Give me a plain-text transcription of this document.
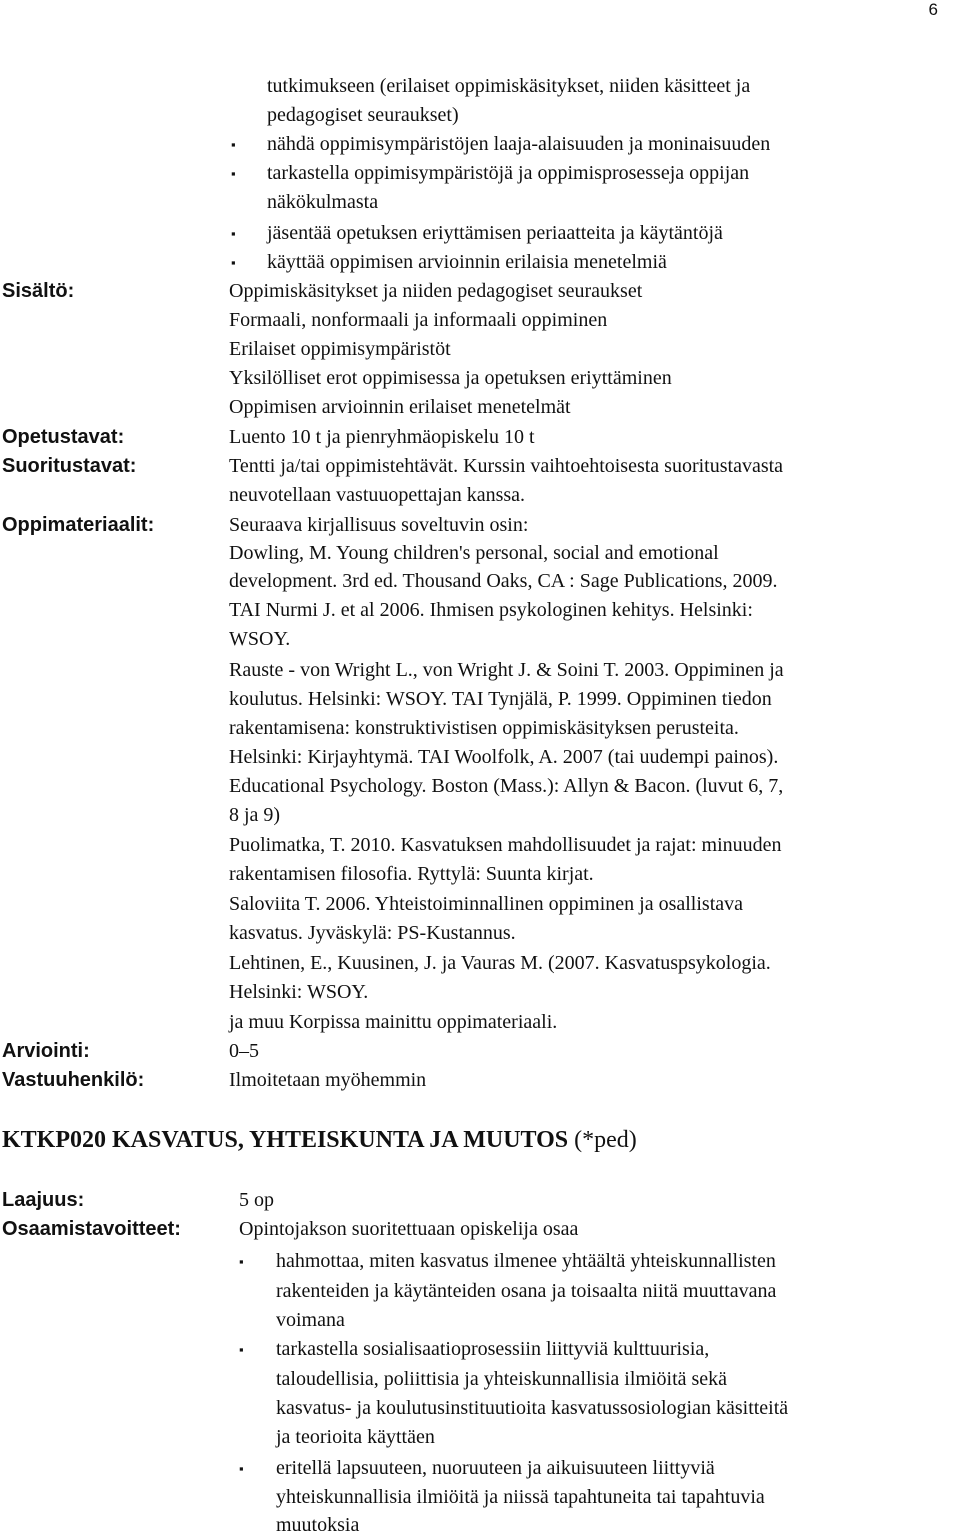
6
tutkimukseen (erilaiset oppimiskäsitykset, niiden käsitteet ja
pedagogiset seuraukset)
▪ nähdä oppimisympäristöjen laaja-alaisuuden ja moninaisuuden
▪ tarkastella oppimisympäristöjä ja oppimisprosesseja oppijan
näkökulmasta
▪ jäsentää opetuksen eriyttämisen periaatteita ja käytäntöjä
▪ käyttää oppimisen arvioinnin erilaisia menetelmiä
Sisältö:	Oppimiskäsitykset ja niiden pedagogiset seuraukset
Formaali, nonformaali ja informaali oppiminen
Erilaiset oppimisympäristöt
Yksilölliset erot oppimisessa ja opetuksen eriyttäminen
Oppimisen arvioinnin erilaiset menetelmät
Opetustavat:	Luento 10 t ja pienryhmäopiskelu 10 t
Suoritustavat:	Tentti ja/tai oppimistehtävät. Kurssin vaihtoehtoisesta suoritustavasta
neuvotellaan vastuuopettajan kanssa.
Oppimateriaalit:	Seuraava kirjallisuus soveltuvin osin:
Dowling, M. Young children's personal, social and emotional
development. 3rd ed. Thousand Oaks, CA : Sage Publications, 2009.
TAI Nurmi J. et al 2006. Ihmisen psykologinen kehitys. Helsinki:
WSOY.
Rauste - von Wright L., von Wright J. & Soini T. 2003. Oppiminen ja
koulutus. Helsinki: WSOY. TAI Tynjälä, P. 1999. Oppiminen tiedon
rakentamisena: konstruktivistisen oppimiskäsityksen perusteita.
Helsinki: Kirjayhtymä. TAI Woolfolk, A. 2007 (tai uudempi painos).
Educational Psychology. Boston (Mass.): Allyn & Bacon. (luvut 6, 7,
8 ja 9)
Puolimatka, T. 2010. Kasvatuksen mahdollisuudet ja rajat: minuuden
rakentamisen filosofia. Ryttylä: Suunta kirjat.
Saloviita T. 2006. Yhteistoiminnallinen oppiminen ja osallistava
kasvatus. Jyväskylä: PS-Kustannus.
Lehtinen, E., Kuusinen, J. ja Vauras M. (2007. Kasvatuspsykologia.
Helsinki: WSOY.
ja muu Korpissa mainittu oppimateriaali.
Arviointi:	0–5
Vastuuhenkilö:	Ilmoitetaan myöhemmin
KTKP020 KASVATUS, YHTEISKUNTA JA MUUTOS (*ped)
Laajuus:	5 op
Osaamistavoitteet:	Opintojakson suoritettuaan opiskelija osaa
▪ hahmottaa, miten kasvatus ilmenee yhtäältä yhteiskunnallisten
rakenteiden ja käytänteiden osana ja toisaalta niitä muuttavana
voimana
▪ tarkastella sosialisaatioprosessiin liittyviä kulttuurisia,
taloudellisia, poliittisia ja yhteiskunnallisia ilmiöitä sekä
kasvatus- ja koulutusinstituutioita kasvatussosiologian käsitteitä
ja teorioita käyttäen
▪ eritellä lapsuuteen, nuoruuteen ja aikuisuuteen liittyviä
yhteiskunnallisia ilmiöitä ja niissä tapahtuneita tai tapahtuvia
muutoksia
